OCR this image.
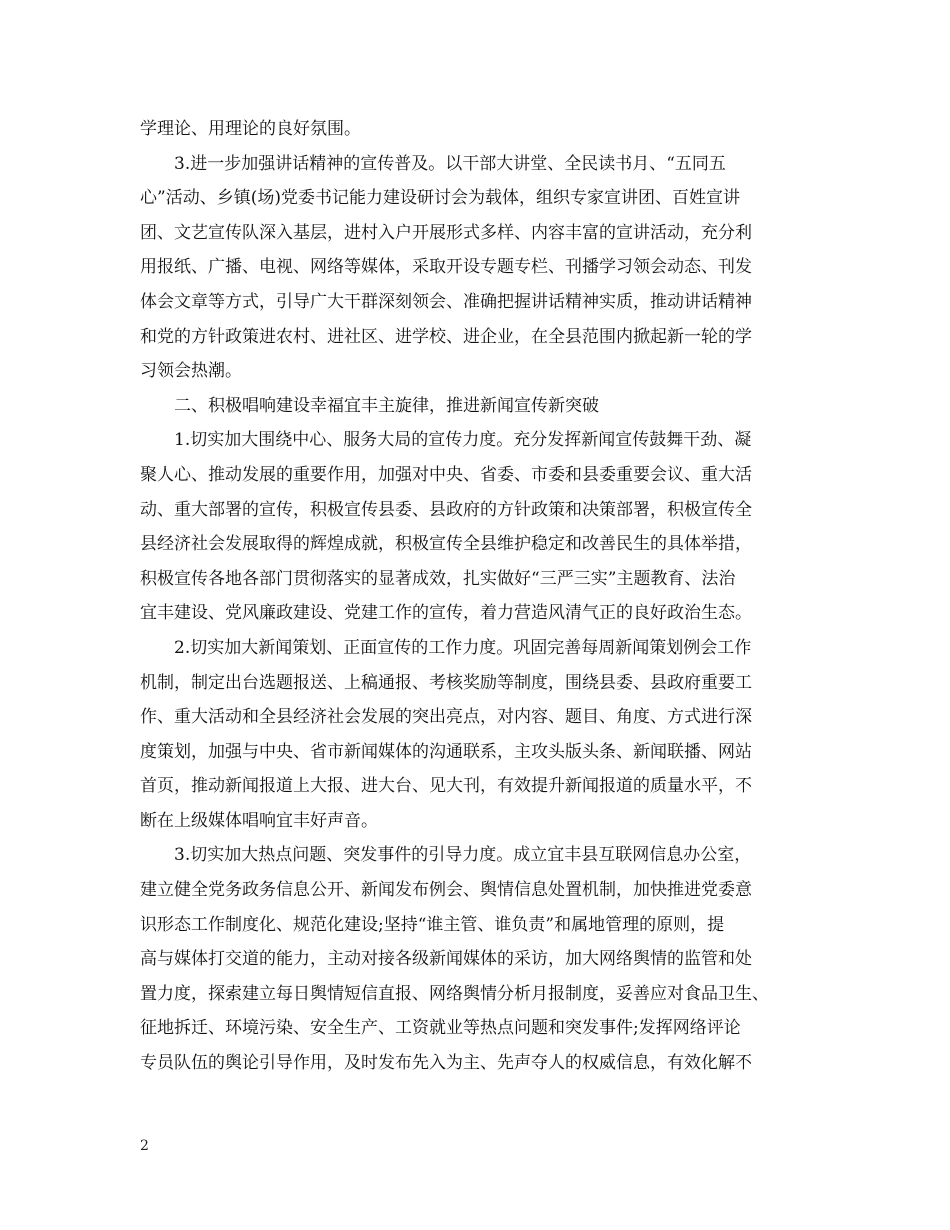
学理论、用理论的良好氛围。
3.进一步加强讲话精神的宣传普及。以干部大讲堂、全民读书月、“五同五
心”活动、乡镇(场)党委书记能力建设研讨会为载体，组织专家宣讲团、百姓宣讲
团、文艺宣传队深入基层，进村入户开展形式多样、内容丰富的宣讲活动，充分利
用报纸、广播、电视、网络等媒体，采取开设专题专栏、刊播学习领会动态、刊发
体会文章等方式，引导广大干群深刻领会、准确把握讲话精神实质，推动讲话精神
和党的方针政策进农村、进社区、进学校、进企业，在全县范围内掀起新一轮的学
习领会热潮。
二、积极唱响建设幸福宜丰主旋律，推进新闻宣传新突破
1.切实加大围绕中心、服务大局的宣传力度。充分发挥新闻宣传鼓舞干劲、凝
聚人心、推动发展的重要作用，加强对中央、省委、市委和县委重要会议、重大活
动、重大部署的宣传，积极宣传县委、县政府的方针政策和决策部署，积极宣传全
县经济社会发展取得的辉煌成就，积极宣传全县维护稳定和改善民生的具体举措，
积极宣传各地各部门贯彻落实的显著成效，扎实做好“三严三实”主题教育、法治
宜丰建设、党风廉政建设、党建工作的宣传，着力营造风清气正的良好政治生态。
2.切实加大新闻策划、正面宣传的工作力度。巩固完善每周新闻策划例会工作
机制，制定出台选题报送、上稿通报、考核奖励等制度，围绕县委、县政府重要工
作、重大活动和全县经济社会发展的突出亮点，对内容、题目、角度、方式进行深
度策划，加强与中央、省市新闻媒体的沟通联系，主攻头版头条、新闻联播、网站
首页，推动新闻报道上大报、进大台、见大刊，有效提升新闻报道的质量水平，不
断在上级媒体唱响宜丰好声音。
3.切实加大热点问题、突发事件的引导力度。成立宜丰县互联网信息办公室，
建立健全党务政务信息公开、新闻发布例会、舆情信息处置机制，加快推进党委意
识形态工作制度化、规范化建设;坚持“谁主管、谁负责”和属地管理的原则，提
高与媒体打交道的能力，主动对接各级新闻媒体的采访，加大网络舆情的监管和处
置力度，探索建立每日舆情短信直报、网络舆情分析月报制度，妥善应对食品卫生、
征地拆迁、环境污染、安全生产、工资就业等热点问题和突发事件;发挥网络评论
专员队伍的舆论引导作用，及时发布先入为主、先声夺人的权威信息，有效化解不
2
